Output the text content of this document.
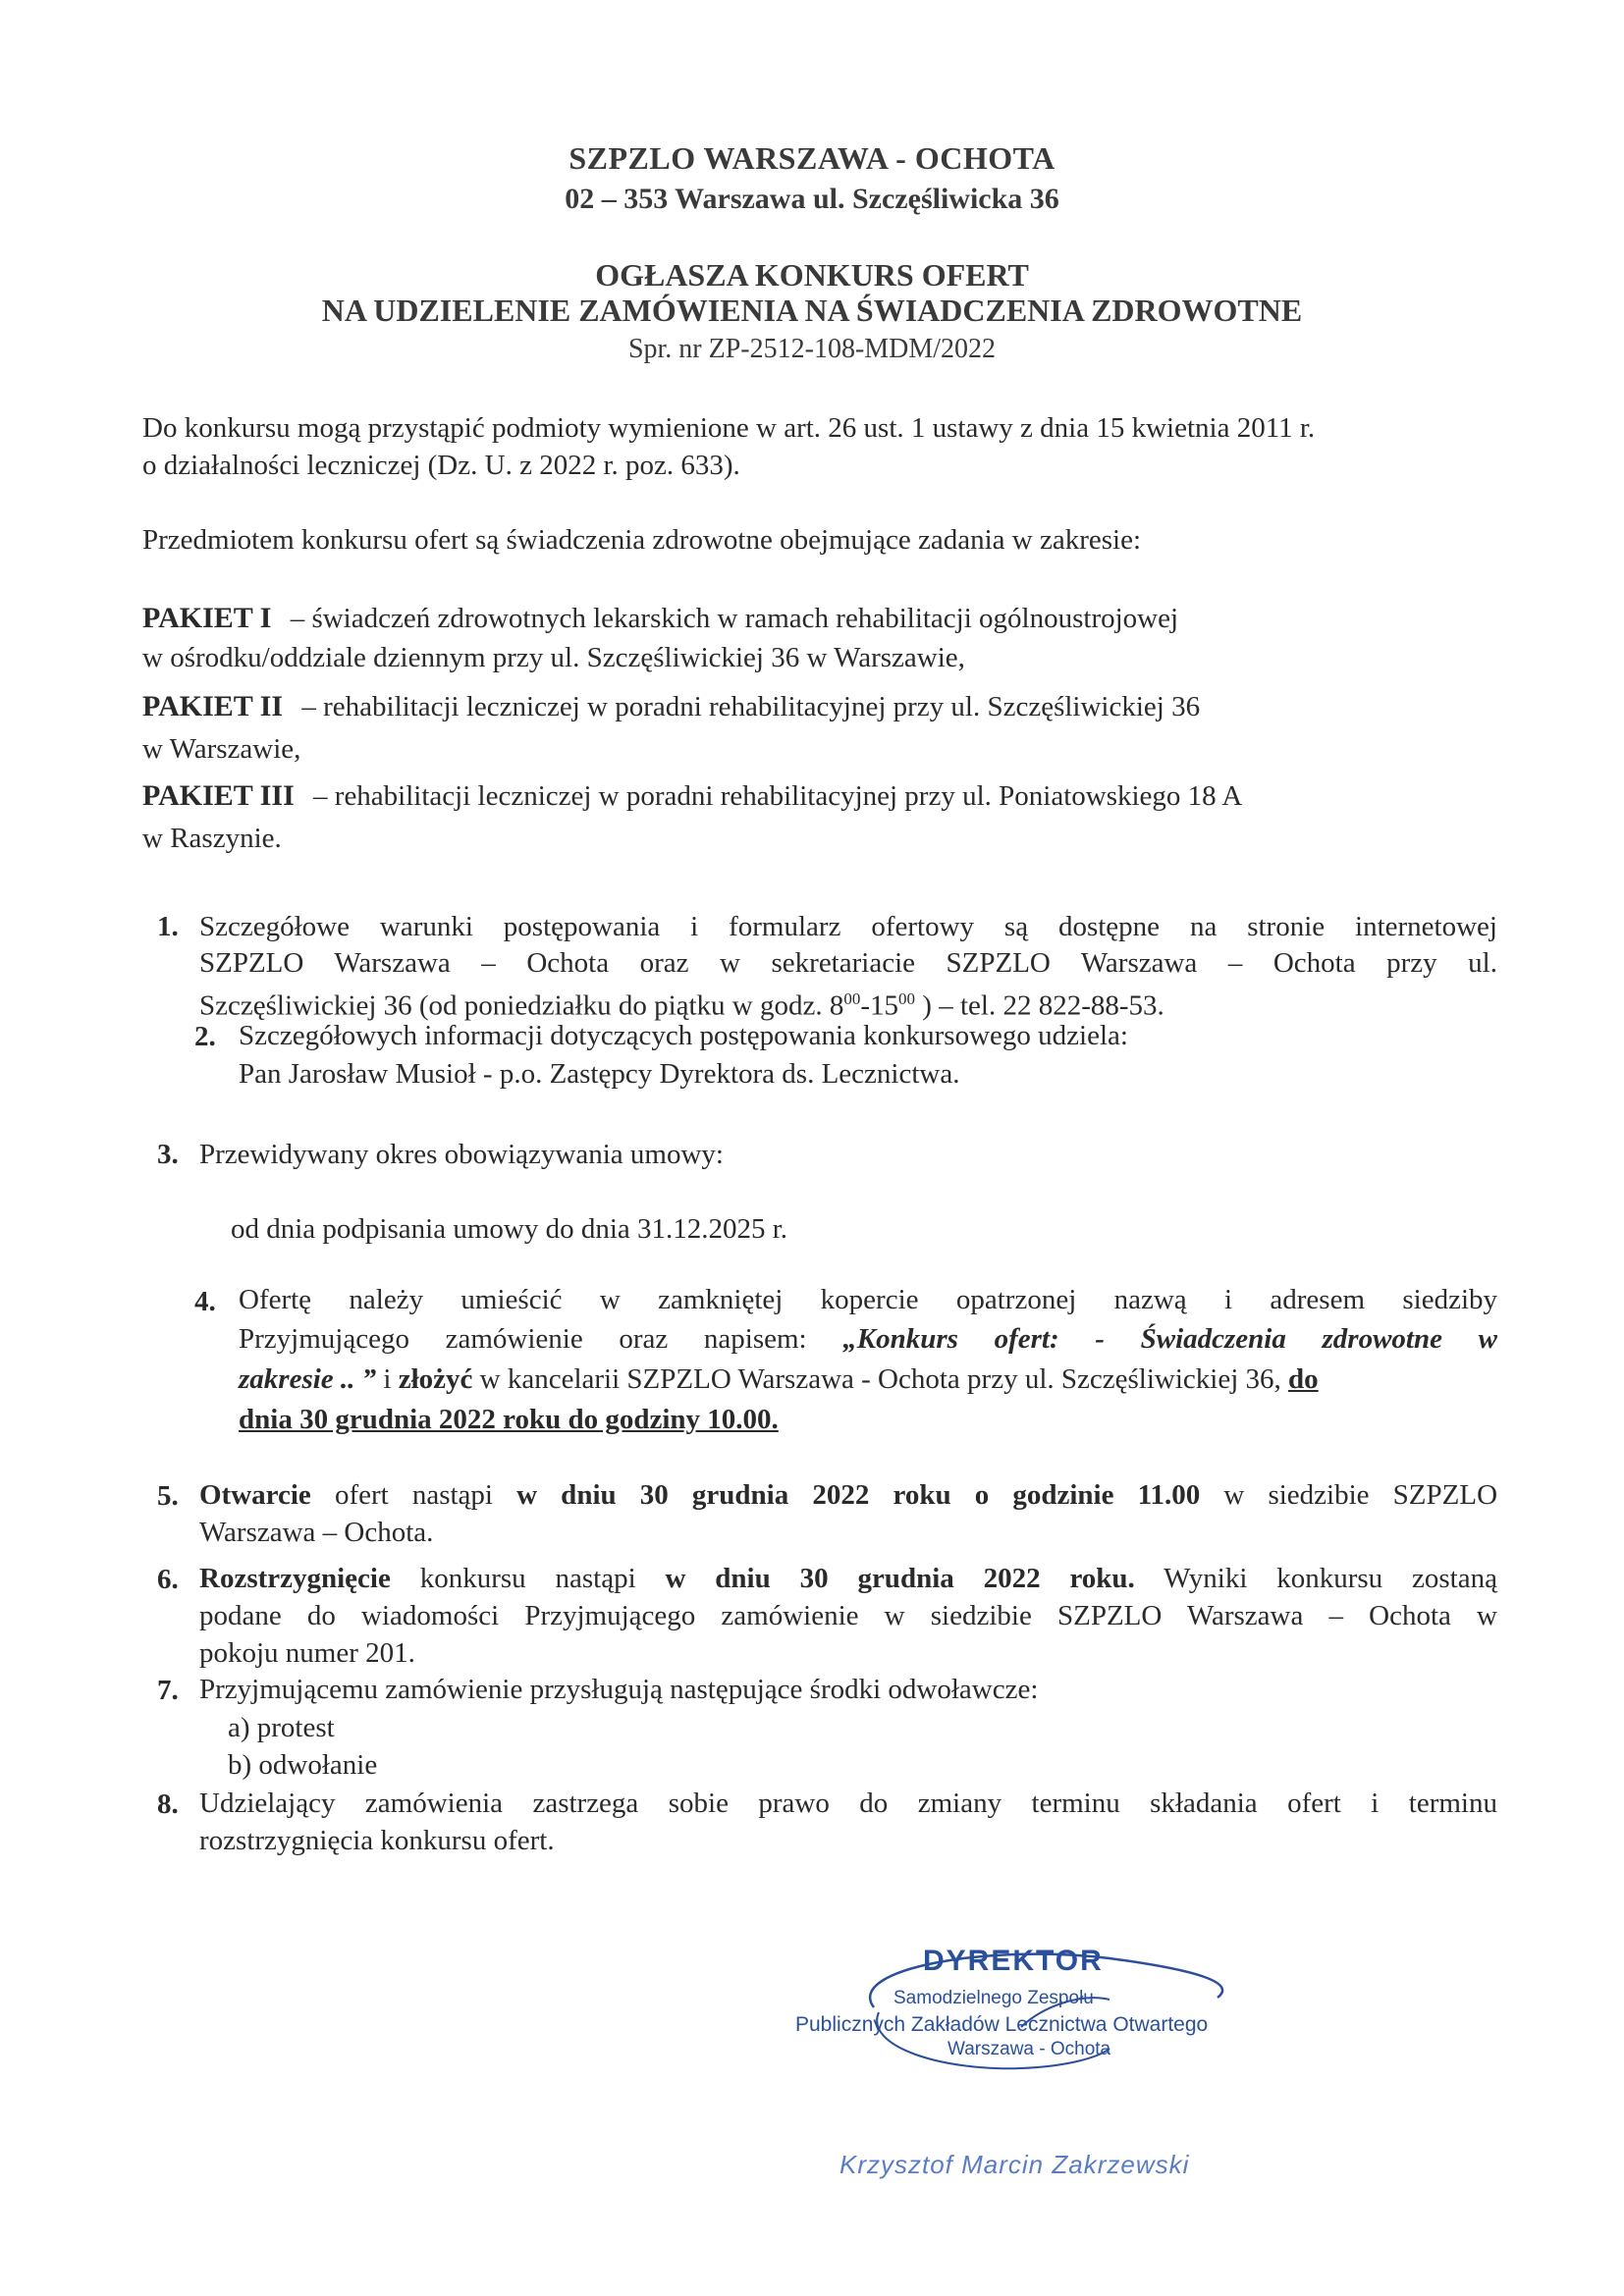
SZPZLO WARSZAWA - OCHOTA
02 – 353 Warszawa ul. Szczęśliwicka 36
OGŁASZA KONKURS OFERT
NA UDZIELENIE ZAMÓWIENIA NA ŚWIADCZENIA ZDROWOTNE
Spr. nr ZP-2512-108-MDM/2022
Do konkursu mogą przystąpić podmioty wymienione w art. 26 ust. 1 ustawy z dnia 15 kwietnia 2011 r.
o działalności leczniczej (Dz. U. z 2022 r. poz. 633).
Przedmiotem konkursu ofert są świadczenia zdrowotne obejmujące zadania w zakresie:
PAKIET I – świadczeń zdrowotnych lekarskich w ramach rehabilitacji ogólnoustrojowej
w ośrodku/oddziale dziennym przy ul. Szczęśliwickiej 36 w Warszawie,
PAKIET II – rehabilitacji leczniczej w poradni rehabilitacyjnej przy ul. Szczęśliwickiej 36
w Warszawie,
PAKIET III – rehabilitacji leczniczej w poradni rehabilitacyjnej przy ul. Poniatowskiego 18 A
w Raszynie.
1. Szczegółowe warunki postępowania i formularz ofertowy są dostępne na stronie internetowej
SZPZLO Warszawa – Ochota oraz w sekretariacie SZPZLO Warszawa – Ochota przy ul.
Szczęśliwickiej 36 (od poniedziałku do piątku w godz. $8^{00}-15^{00}$ ) – tel. 22 822-88-53.
2. Szczegółowych informacji dotyczących postępowania konkursowego udziela:
Pan Jarosław Musioł - p.o. Zastępcy Dyrektora ds. Lecznictwa.
3. Przewidywany okres obowiązywania umowy:
od dnia podpisania umowy do dnia 31.12.2025 r.
4. Ofertę należy umieścić w zamkniętej kopercie opatrzonej nazwą i adresem siedziby
Przyjmującego zamówienie oraz napisem: „Konkurs ofert: - Świadczenia zdrowotne w
zakresie .. ” i złożyć w kancelarii SZPZLO Warszawa - Ochota przy ul. Szczęśliwickiej 36, do
dnia 30 grudnia 2022 roku do godziny 10.00.
5. Otwarcie ofert nastąpi w dniu 30 grudnia 2022 roku o godzinie 11.00 w siedzibie SZPZLO
Warszawa – Ochota.
6. Rozstrzygnięcie konkursu nastąpi w dniu 30 grudnia 2022 roku. Wyniki konkursu zostaną
podane do wiadomości Przyjmującego zamówienie w siedzibie SZPZLO Warszawa – Ochota w
pokoju numer 201.
7. Przyjmującemu zamówienie przysługują następujące środki odwoławcze:
a) protest
b) odwołanie
8. Udzielający zamówienia zastrzega sobie prawo do zmiany terminu składania ofert i terminu
rozstrzygnięcia konkursu ofert.
DYREKTOR
Samodzielnego Zespołu
Publicznych Zakładów Lecznictwa Otwartego
Warszawa - Ochota
Krzysztof Marcin Zakrzewski
